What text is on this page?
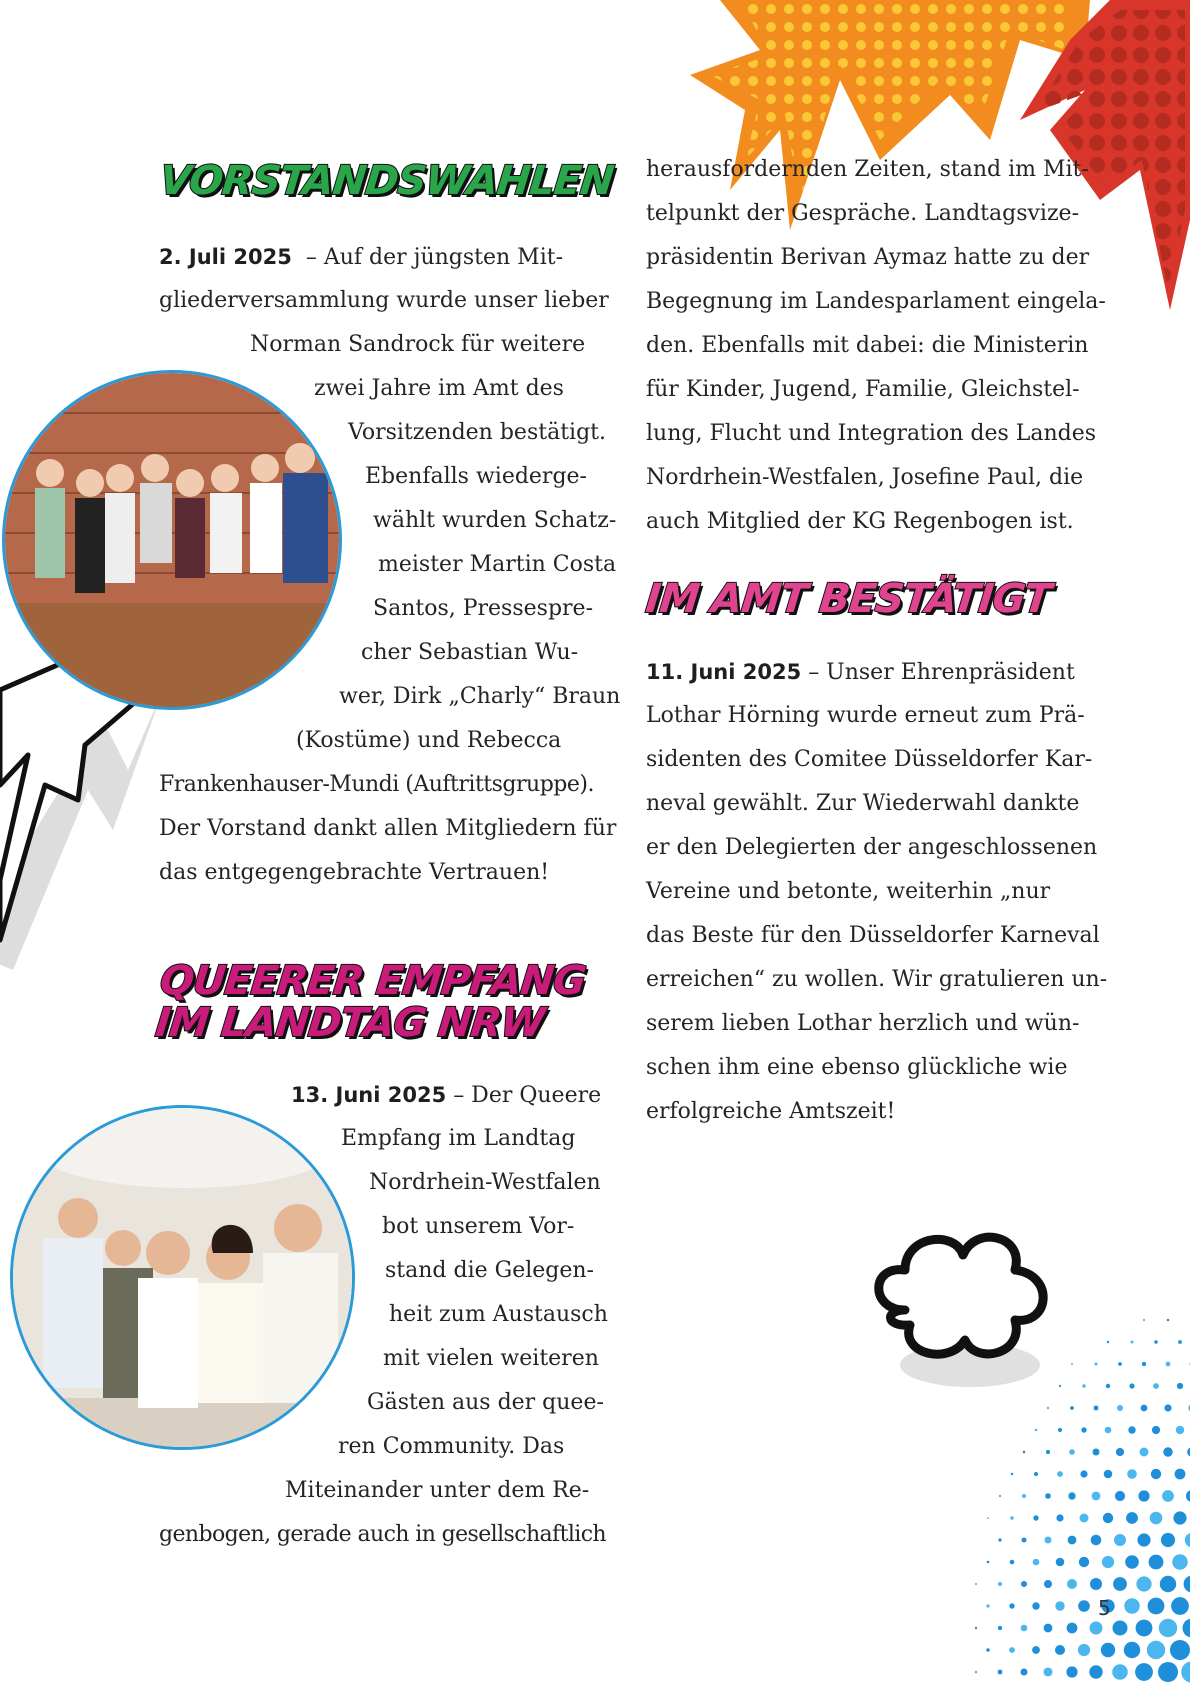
VORSTANDSWAHLEN
2. Juli 2025 – Auf der jüngsten Mit-
gliederversammlung wurde unser lieber
Norman Sandrock für weitere
zwei Jahre im Amt des
Vorsitzenden bestätigt.
Ebenfalls wiederge-
wählt wurden Schatz-
meister Martin Costa
Santos, Pressespre-
cher Sebastian Wu-
wer, Dirk „Charly“ Braun
(Kostüme) und Rebecca
Frankenhauser-Mundi (Auftrittsgruppe).
Der Vorstand dankt allen Mitgliedern für
das entgegengebrachte Vertrauen!
QUEERER EMPFANG
IM LANDTAG NRW
13. Juni 2025 – Der Queere
Empfang im Landtag
Nordrhein-Westfalen
bot unserem Vor-
stand die Gelegen-
heit zum Austausch
mit vielen weiteren
Gästen aus der quee-
ren Community. Das
Miteinander unter dem Re-
genbogen, gerade auch in gesellschaftlich
herausfordernden Zeiten, stand im Mit-
telpunkt der Gespräche. Landtagsvize-
präsidentin Berivan Aymaz hatte zu der
Begegnung im Landesparlament eingela-
den. Ebenfalls mit dabei: die Ministerin
für Kinder, Jugend, Familie, Gleichstel-
lung, Flucht und Integration des Landes
Nordrhein-Westfalen, Josefine Paul, die
auch Mitglied der KG Regenbogen ist.
IM AMT BESTÄTIGT
11. Juni 2025 – Unser Ehrenpräsident
Lothar Hörning wurde erneut zum Prä-
sidenten des Comitee Düsseldorfer Kar-
neval gewählt. Zur Wiederwahl dankte
er den Delegierten der angeschlossenen
Vereine und betonte, weiterhin „nur
das Beste für den Düsseldorfer Karneval
erreichen“ zu wollen. Wir gratulieren un-
serem lieben Lothar herzlich und wün-
schen ihm eine ebenso glückliche wie
erfolgreiche Amtszeit!
5
